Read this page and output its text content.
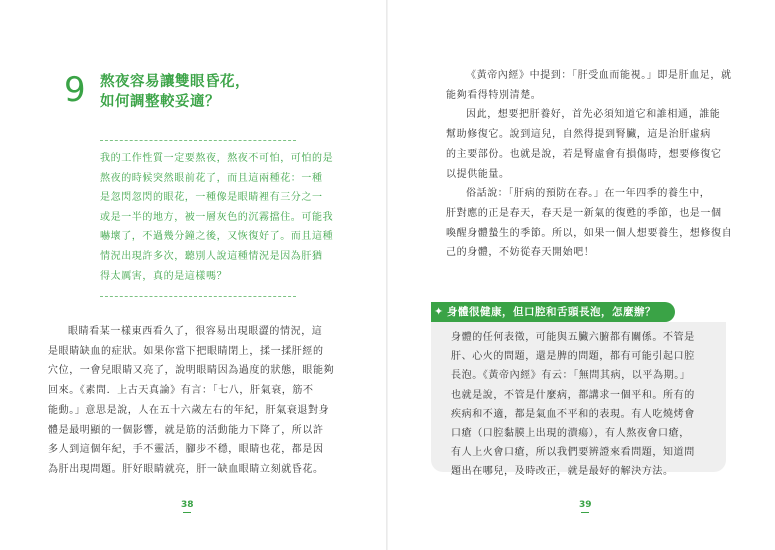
9 熬夜容易讓雙眼昏花，
如何調整較妥適？
我的工作性質一定要熬夜，熬夜不可怕，可怕的是
熬夜的時候突然眼前花了，而且這兩種花：一種
是忽閃忽閃的眼花，一種像是眼睛裡有三分之一
或是一半的地方，被一層灰色的沉霧擋住。可能我
嚇壞了，不過幾分鐘之後，又恢復好了。而且這種
情況出現許多次，聽別人說這種情況是因為肝猶
得太厲害，真的是這樣嗎？
眼睛看某一樣東西看久了，很容易出現眼澀的情況，這
是眼睛缺血的症狀。如果你當下把眼睛閉上，揉一揉肝經的
穴位，一會兒眼睛又亮了，說明眼睛因為過度的狀態，眼能夠
回來。《素問．上古天真論》有言：「七八，肝氣衰，筋不
能動。」意思是說，人在五十六歲左右的年紀，肝氣衰退對身
體是最明顯的一個影響，就是筋的活動能力下降了，所以許
多人到這個年紀，手不靈活，腳步不穩，眼睛也花，都是因
為肝出現問題。肝好眼睛就亮，肝一缺血眼睛立刻就昏花。
38
《黃帝內經》中提到：「肝受血而能視。」即是肝血足，就
能夠看得特別清楚。
因此，想要把肝養好，首先必須知道它和誰相通，誰能
幫助修復它。說到這兒，自然得提到腎臟，這是治肝虛病
的主要部份。也就是說，若是腎虛會有損傷時，想要修復它
以提供能量。
俗話說：「肝病的預防在春。」在一年四季的養生中，
肝對應的正是春天，春天是一新氣的復甦的季節，也是一個
喚醒身體蟄生的季節。所以，如果一個人想要養生，想修復自
己的身體，不妨從春天開始吧！
✦ 身體很健康，但口腔和舌頭長泡，怎麼辦？
身體的任何表徵，可能與五臟六腑都有關係。不管是
肝、心火的問題，還是脾的問題，都有可能引起口腔
長泡。《黃帝內經》有云：「無問其病，以平為期。」
也就是說，不管是什麼病，都講求一個平和。所有的
疾病和不適，都是氣血不平和的表現。有人吃燒烤會
口瘡（口腔黏膜上出現的潰瘍），有人熬夜會口瘡，
有人上火會口瘡，所以我們要辨證來看問題，知道問
題出在哪兒，及時改正，就是最好的解決方法。
39
